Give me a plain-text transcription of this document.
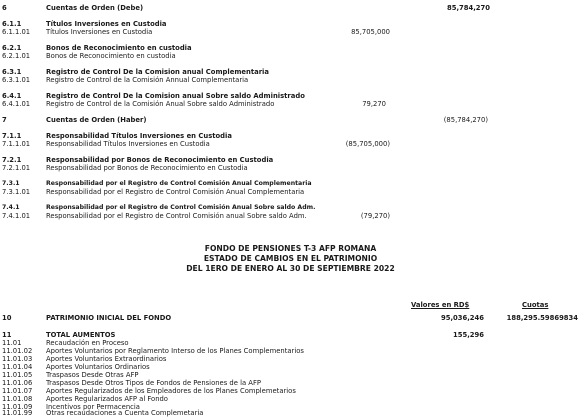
6	Cuentas de Orden (Debe)	85,784,270
6.1.1	Títulos Inversiones en Custodia
6.1.1.01 Títulos Inversiones en Custodia	85,705,000
6.2.1	Bonos de Reconocimiento en custodia
6.2.1.01 Bonos de Reconocimiento en custodia
6.3.1	Registro de Control De la Comision anual Complementaria
6.3.1.01 Registro de Control de la Comisión Annual Complementaria
6.4.1	Registro de Control De la Comision anual Sobre saldo Administrado
6.4.1.01 Registro de Control de la Comisión Anual Sobre saldo Administrado	79,270
7	Cuentas de Orden (Haber)	(85,784,270)
7.1.1	Responsabilidad Títulos Inversiones en Custodia
7.1.1.01 Responsabilidad Títulos Inversiones en Custodia	(85,705,000)
7.2.1	Responsabilidad por Bonos de Reconocimiento en Custodia
7.2.1.01 Responsabilidad por Bonos de Reconocimiento en Custodia
7.3.1	Responsabilidad por el Registro de Control Comisión Anual Complementaria
7.3.1.01 Responsabilidad por el Registro de Control Comisión Anual Complementaria
7.4.1	Responsabilidad por el Registro de Control Comisión Anual Sobre saldo Adm.
7.4.1.01 Responsabilidad por el Registro de Control Comisión anual Sobre saldo Adm.	(79,270)
FONDO DE PENSIONES T-3 AFP ROMANA
ESTADO DE CAMBIOS EN EL PATRIMONIO
DEL 1ERO DE ENERO AL 30 DE SEPTIEMBRE 2022
Valores en RD$	Cuotas
10	PATRIMONIO INICIAL DEL FONDO	95,036,246	188,295.59869834
11	TOTAL AUMENTOS	155,296
11.01	Recaudación en Proceso
11.01.02 Aportes Voluntarios por Reglamento Interso de los Planes Complementarios
11.01.03 Aportes Voluntarios Extraordinarios
11.01.04 Aportes Voluntarios Ordinarios
11.01.05 Traspasos Desde Otras AFP
11.01.06 Traspasos Desde Otros Tipos de Fondos de Pensiones de la AFP
11.01.07 Aportes Regularizados de los Empleadores de los Planes Complemetarios
11.01.08 Aportes Regularizados AFP al Fondo
11.01.09 Incentivos por Permacencia
11.01.99 Otras recaudaciones a Cuenta Complemetaria
